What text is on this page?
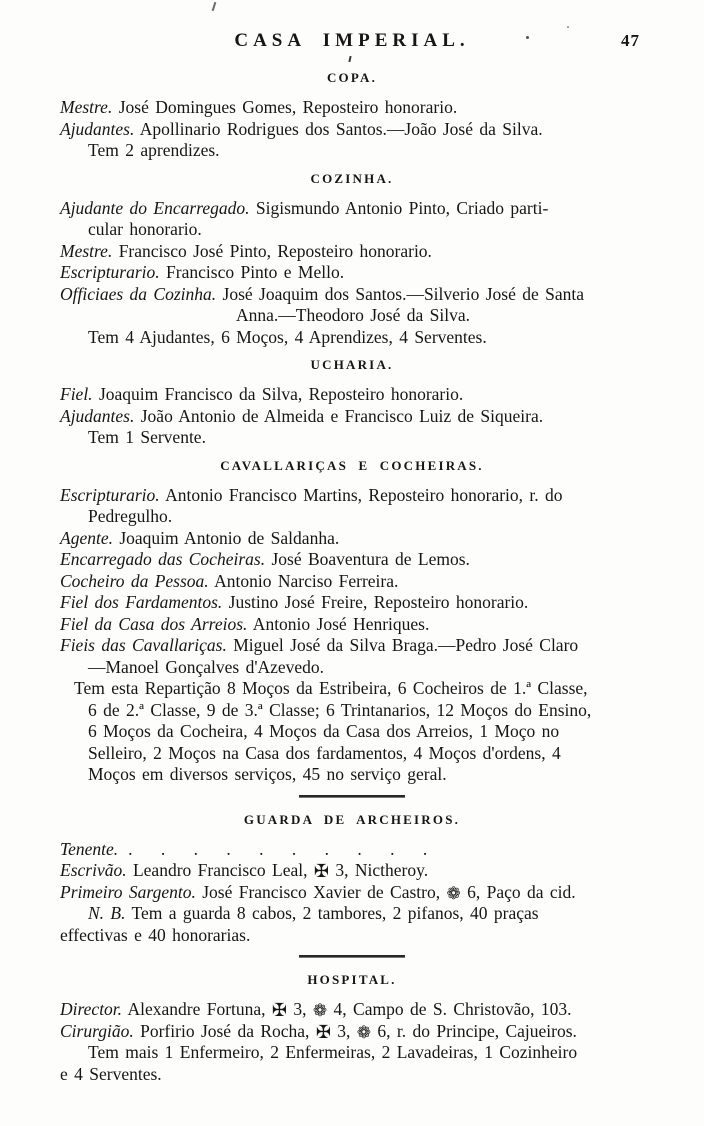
CASA IMPERIAL.	47
COPA.
Mestre. José Domingues Gomes, Reposteiro honorario.
Ajudantes. Apollinario Rodrigues dos Santos.—João José da Silva.
Tem 2 aprendizes.
COZINHA.
Ajudante do Encarregado. Sigismundo Antonio Pinto, Criado parti-
cular honorario.
Mestre. Francisco José Pinto, Reposteiro honorario.
Escripturario. Francisco Pinto e Mello.
Officiaes da Cozinha. José Joaquim dos Santos.—Silverio José de Santa
Anna.—Theodoro José da Silva.
Tem 4 Ajudantes, 6 Moços, 4 Aprendizes, 4 Serventes.
UCHARIA.
Fiel. Joaquim Francisco da Silva, Reposteiro honorario.
Ajudantes. João Antonio de Almeida e Francisco Luiz de Siqueira.
Tem 1 Servente.
CAVALLARIÇAS E COCHEIRAS.
Escripturario. Antonio Francisco Martins, Reposteiro honorario, r. do
Pedregulho.
Agente. Joaquim Antonio de Saldanha.
Encarregado das Cocheiras. José Boaventura de Lemos.
Cocheiro da Pessoa. Antonio Narciso Ferreira.
Fiel dos Fardamentos. Justino José Freire, Reposteiro honorario.
Fiel da Casa dos Arreios. Antonio José Henriques.
Fieis das Cavallariças. Miguel José da Silva Braga.—Pedro José Claro
—Manoel Gonçalves d'Azevedo.
Tem esta Repartição 8 Moços da Estribeira, 6 Cocheiros de 1.ª Classe,
6 de 2.ª Classe, 9 de 3.ª Classe; 6 Trintanarios, 12 Moços do Ensino,
6 Moços da Cocheira, 4 Moços da Casa dos Arreios, 1 Moço no
Selleiro, 2 Moços na Casa dos fardamentos, 4 Moços d'ordens, 4
Moços em diversos serviços, 45 no serviço geral.
GUARDA DE ARCHEIROS.
Tenente. . . . . . . . . . .
Escrivão. Leandro Francisco Leal, ✠ 3, Nictheroy.
Primeiro Sargento. José Francisco Xavier de Castro, ❁ 6, Paço da cid.
N. B. Tem a guarda 8 cabos, 2 tambores, 2 pifanos, 40 praças
effectivas e 40 honorarias.
HOSPITAL.
Director. Alexandre Fortuna, ✠ 3, ❁ 4, Campo de S. Christovão, 103.
Cirurgião. Porfirio José da Rocha, ✠ 3, ❁ 6, r. do Principe, Cajueiros.
Tem mais 1 Enfermeiro, 2 Enfermeiras, 2 Lavadeiras, 1 Cozinheiro
e 4 Serventes.
